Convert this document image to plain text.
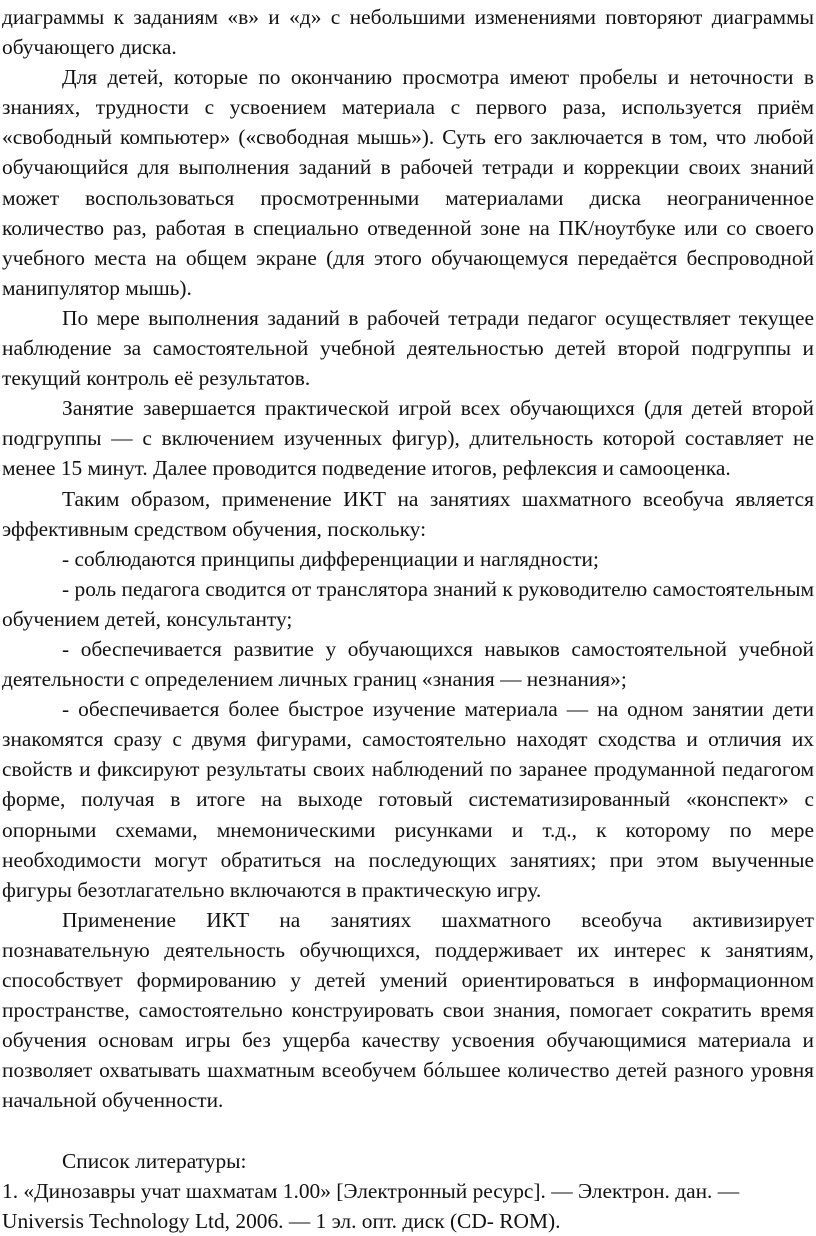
диаграммы к заданиям «в» и «д» с небольшими изменениями повторяют диаграммы обучающего диска.

Для детей, которые по окончанию просмотра имеют пробелы и неточности в знаниях, трудности с усвоением материала с первого раза, используется приём «свободный компьютер» («свободная мышь»). Суть его заключается в том, что любой обучающийся для выполнения заданий в рабочей тетради и коррекции своих знаний может воспользоваться просмотренными материалами диска неограниченное количество раз, работая в специально отведенной зоне на ПК/ноутбуке или со своего учебного места на общем экране (для этого обучающемуся передаётся беспроводной манипулятор мышь).

По мере выполнения заданий в рабочей тетради педагог осуществляет текущее наблюдение за самостоятельной учебной деятельностью детей второй подгруппы и текущий контроль её результатов.

Занятие завершается практической игрой всех обучающихся (для детей второй подгруппы — с включением изученных фигур), длительность которой составляет не менее 15 минут. Далее проводится подведение итогов, рефлексия и самооценка.

Таким образом, применение ИКТ на занятиях шахматного всеобуча является эффективным средством обучения, поскольку:

- соблюдаются принципы дифференциации и наглядности;

- роль педагога сводится от транслятора знаний к руководителю самостоятельным обучением детей, консультанту;

- обеспечивается развитие у обучающихся навыков самостоятельной учебной деятельности с определением личных границ «знания — незнания»;

- обеспечивается более быстрое изучение материала — на одном занятии дети знакомятся сразу с двумя фигурами, самостоятельно находят сходства и отличия их свойств и фиксируют результаты своих наблюдений по заранее продуманной педагогом форме, получая в итоге на выходе готовый систематизированный «конспект» с опорными схемами, мнемоническими рисунками и т.д., к которому по мере необходимости могут обратиться на последующих занятиях; при этом выученные фигуры безотлагательно включаются в практическую игру.

Применение ИКТ на занятиях шахматного всеобуча активизирует познавательную деятельность обучющихся, поддерживает их интерес к занятиям, способствует формированию у детей умений ориентироваться в информационном пространстве, самостоятельно конструировать свои знания, помогает сократить время обучения основам игры без ущерба качеству усвоения обучающимися материала и позволяет охватывать шахматным всеобучем бóльшее количество детей разного уровня начальной обученности.

Список литературы:

1. «Динозавры учат шахматам 1.00» [Электронный ресурс]. — Электрон. дан. — Universis Technology Ltd, 2006. — 1 эл. опт. диск (CD- ROM).
